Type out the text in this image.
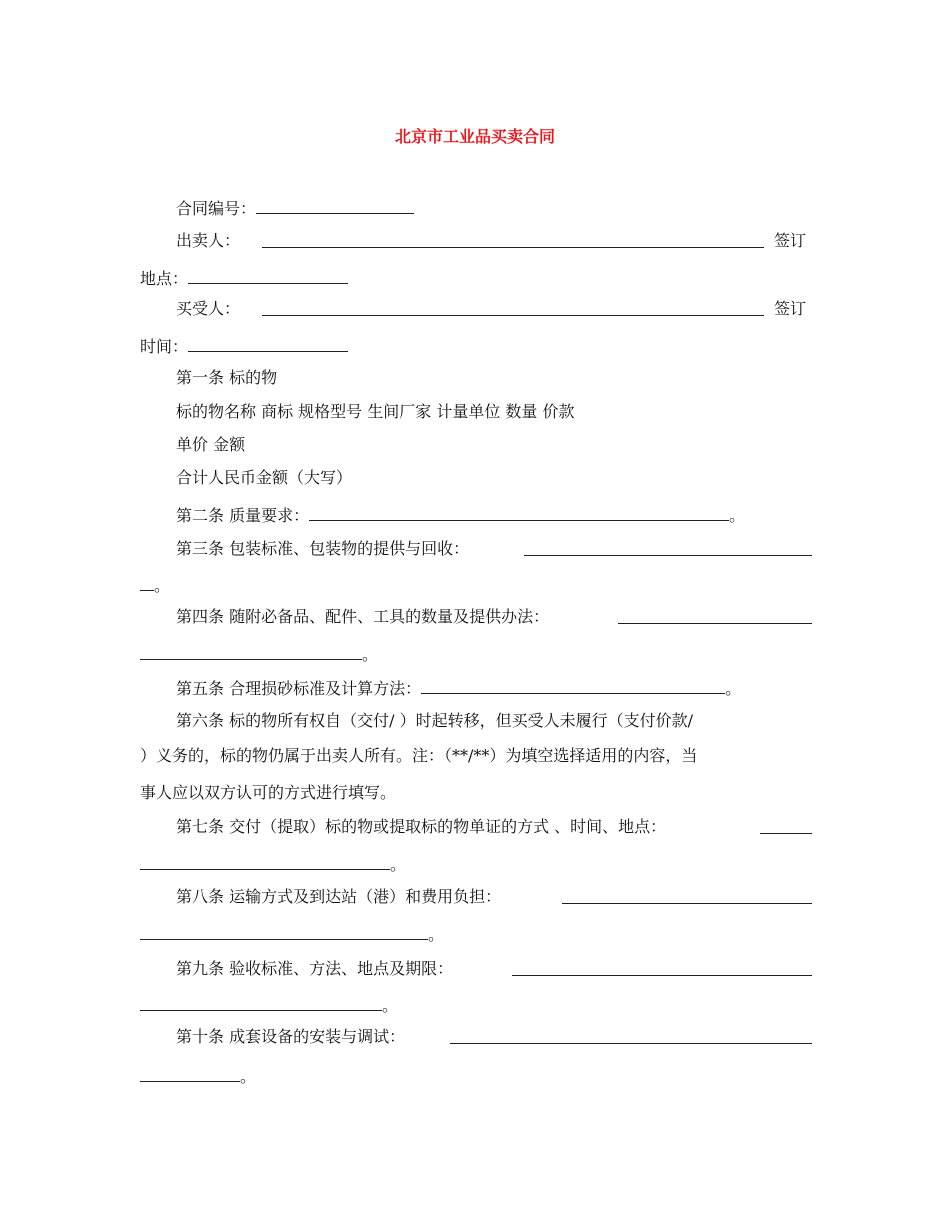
北京市工业品买卖合同
合同编号：
出卖人：	签订
地点：
买受人：	签订
时间：
第一条 标的物
标的物名称 商标 规格型号 生间厂家 计量单位 数量 价款
单价 金额
合计人民币金额（大写）
第二条 质量要求：	。
第三条 包装标准、包装物的提供与回收：
。
第四条 随附必备品、配件、工具的数量及提供办法：
。
第五条 合理损砂标准及计算方法：	。
第六条 标的物所有权自（交付/ ）时起转移，但买受人未履行（支付价款/
）义务的，标的物仍属于出卖人所有。注：（**/**）为填空选择适用的内容，当
事人应以双方认可的方式进行填写。
第七条 交付（提取）标的物或提取标的物单证的方式 、时间、地点：
。
第八条 运输方式及到达站（港）和费用负担：
。
第九条 验收标准、方法、地点及期限：
。
第十条 成套设备的安装与调试：
。
